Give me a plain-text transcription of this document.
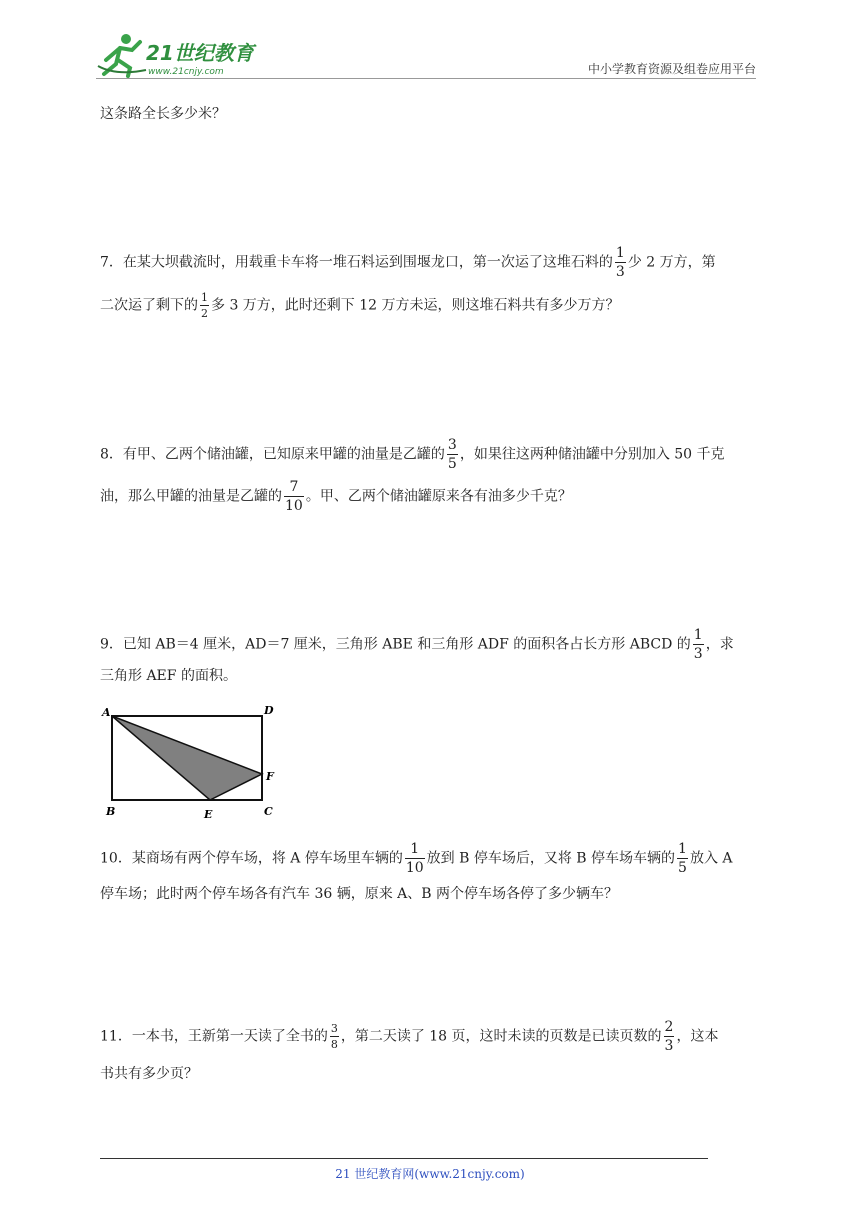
21世纪教育
www.21cnjy.com	中小学教育资源及组卷应用平台
这条路全长多少米？
7．在某大坝截流时，用载重卡车将一堆石料运到围堰龙口，第一次运了这堆石料的 $\frac{1}{3}$ 少 2 万方，第
二次运了剩下的 $\frac{1}{2}$ 多 3 万方，此时还剩下 12 万方未运，则这堆石料共有多少万方？
8．有甲、乙两个储油罐，已知原来甲罐的油量是乙罐的 $\frac{3}{5}$ ，如果往这两种储油罐中分别加入 50 千克
油，那么甲罐的油量是乙罐的 $\frac{7}{10}$ 。甲、乙两个储油罐原来各有油多少千克？
9．已知 AB＝4 厘米，AD＝7 厘米，三角形 ABE 和三角形 ADF 的面积各占长方形 ABCD 的 $\frac{1}{3}$ ，求
三角形 AEF 的面积。
A	D
B	C
E
F
10．某商场有两个停车场，将 A 停车场里车辆的 $\frac{1}{10}$ 放到 B 停车场后，又将 B 停车场车辆的 $\frac{1}{5}$ 放入 A
停车场；此时两个停车场各有汽车 36 辆，原来 A、B 两个停车场各停了多少辆车？
11．一本书，王新第一天读了全书的 $\frac{3}{8}$ ，第二天读了 18 页，这时未读的页数是已读页数的 $\frac{2}{3}$ ，这本
书共有多少页？
21 世纪教育网(www.21cnjy.com)
